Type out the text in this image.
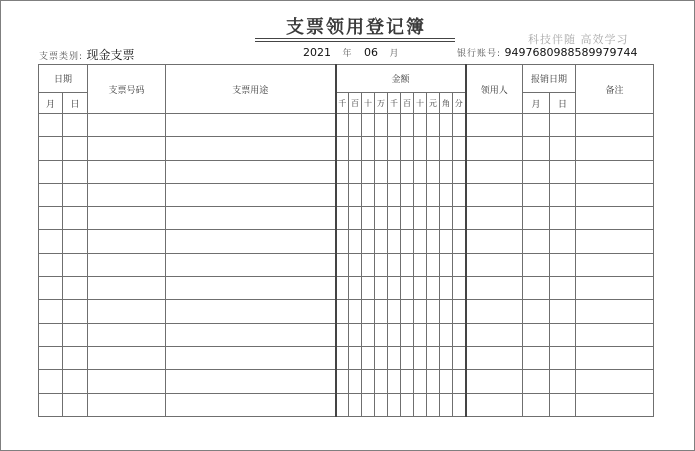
支票领用登记簿
科技伴随 高效学习
支票类别: 现金支票	2021 年 06 月	银行账号: 9497680988589979744
日期		支票号码	支票用途	金额										领用人	报销日期		备注
月	日			千	百	十	万	千	百	十	元	角	分		月	日	
